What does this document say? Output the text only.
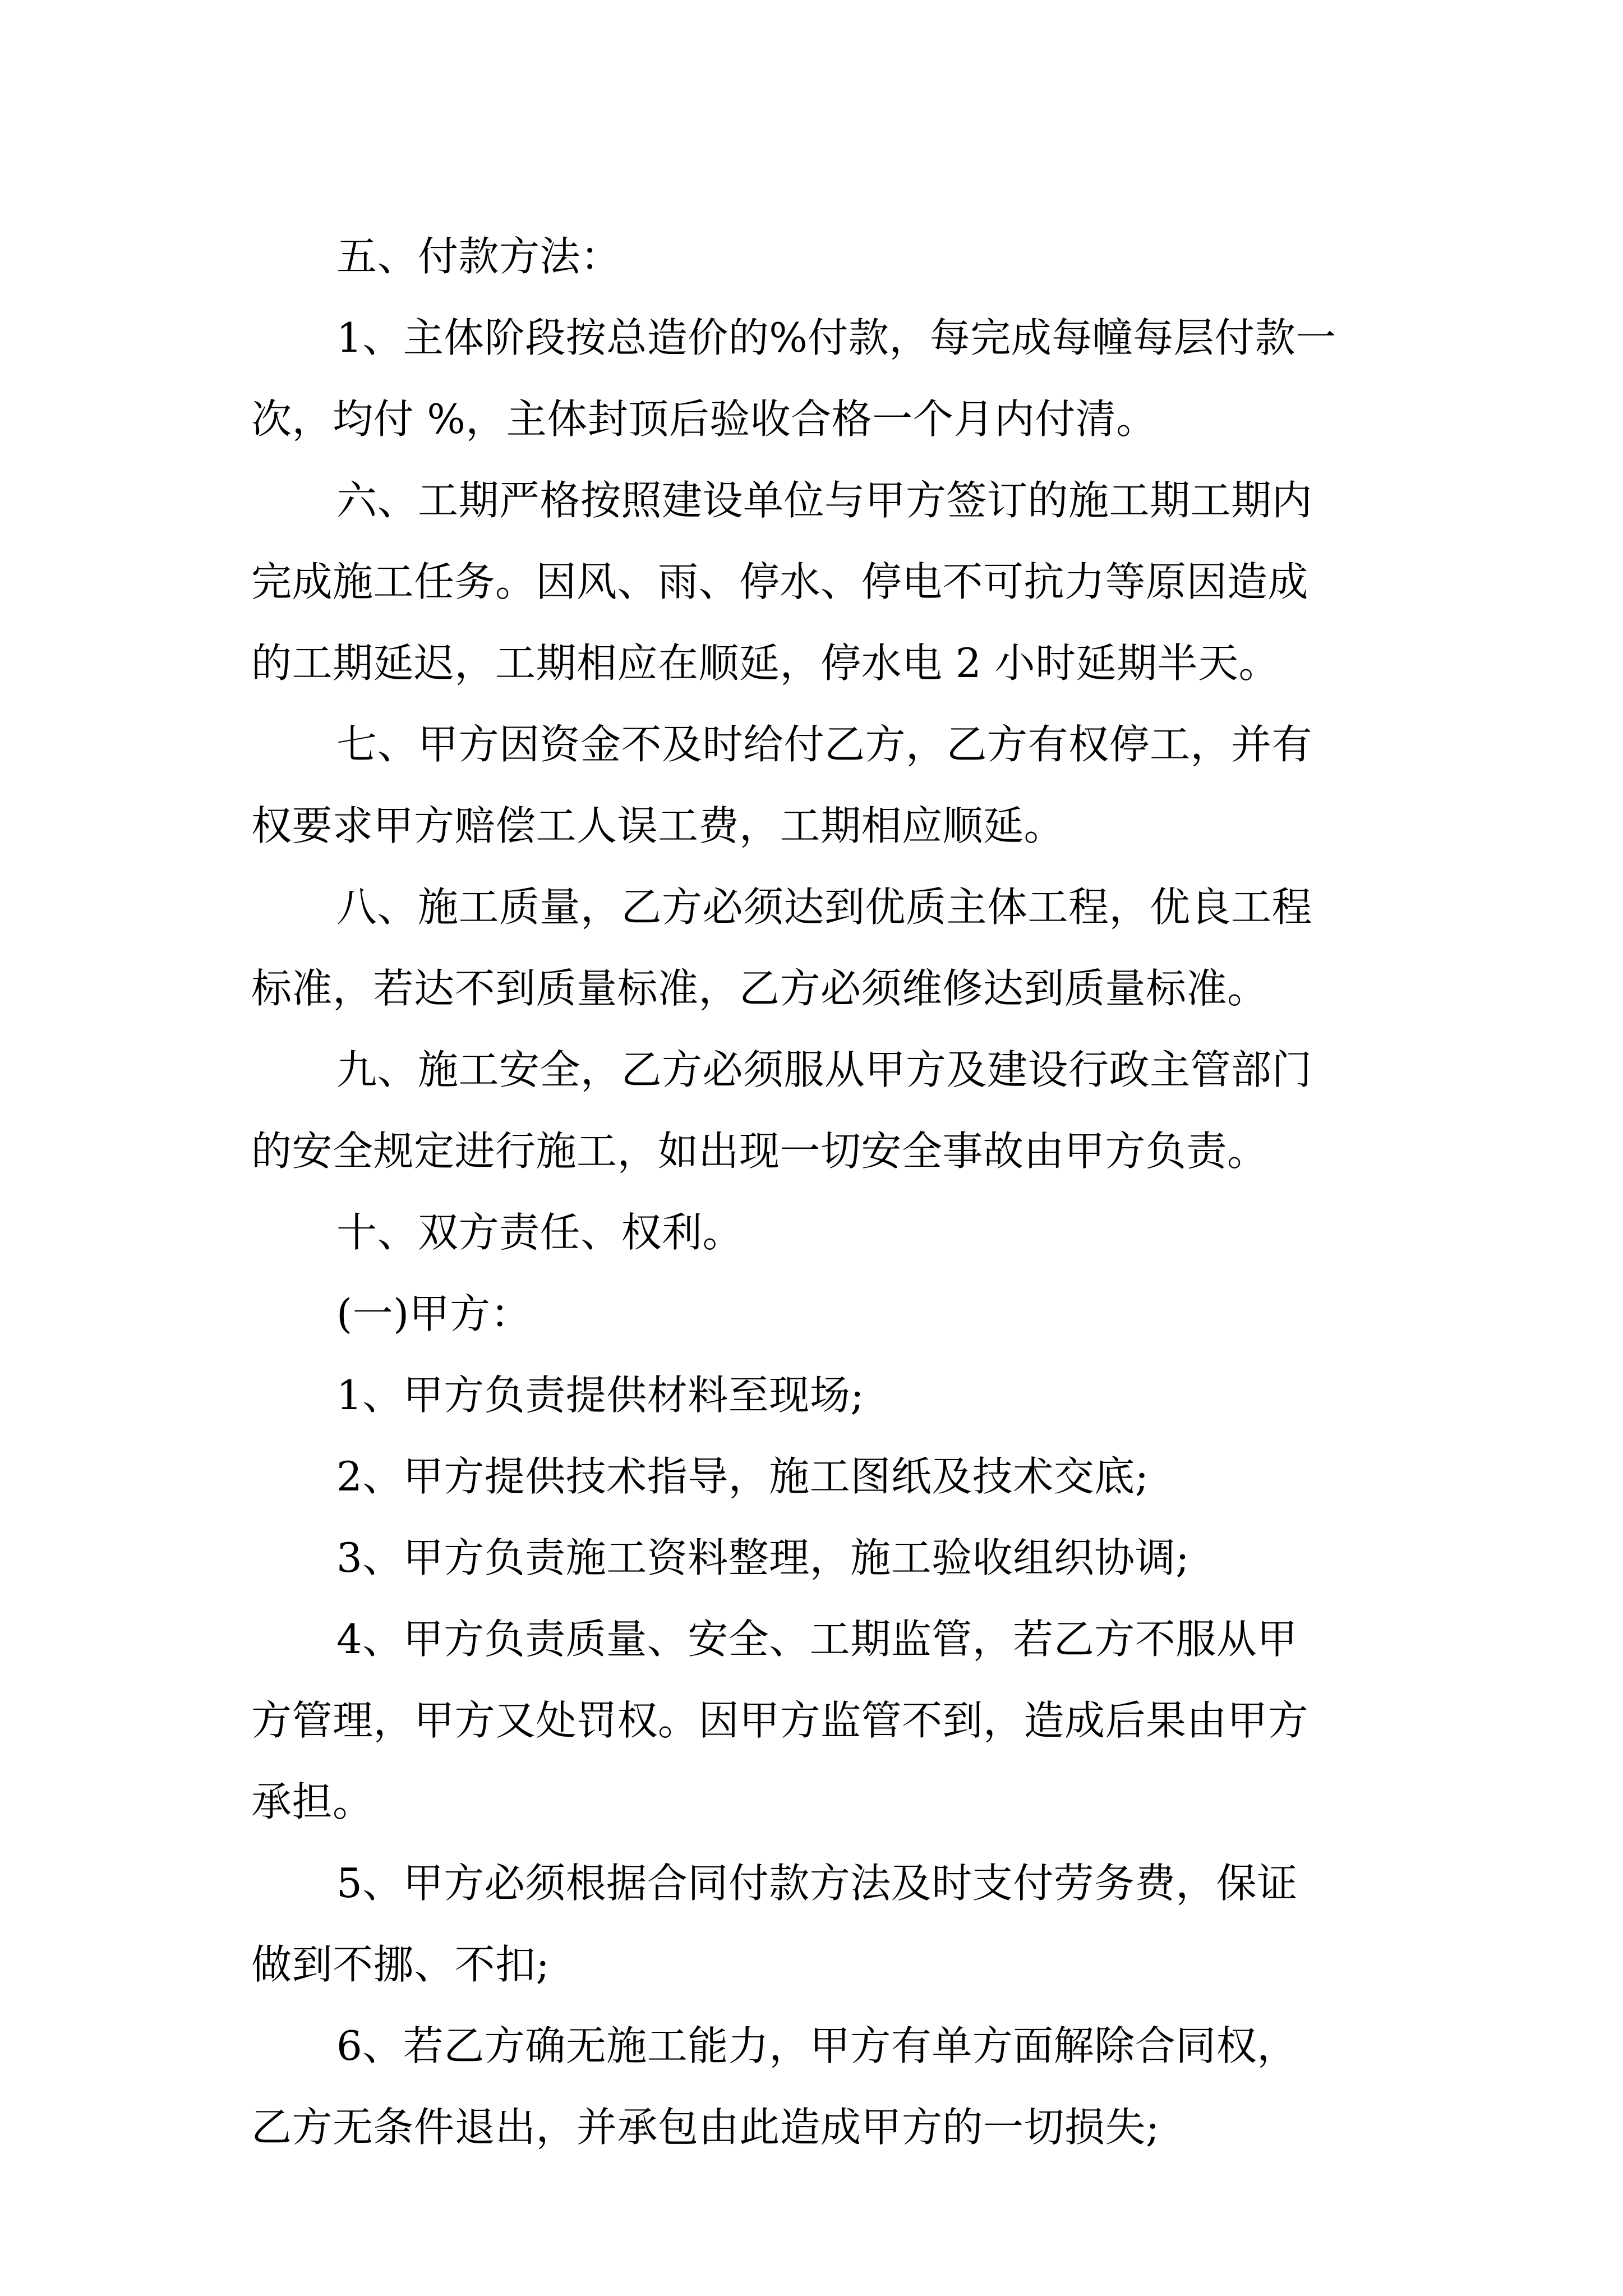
五、付款方法：

1、主体阶段按总造价的%付款，每完成每幢每层付款一

次，均付 %，主体封顶后验收合格一个月内付清。

六、工期严格按照建设单位与甲方签订的施工期工期内

完成施工任务。因风、雨、停水、停电不可抗力等原因造成

的工期延迟，工期相应在顺延，停水电 2 小时延期半天。

七、甲方因资金不及时给付乙方，乙方有权停工，并有

权要求甲方赔偿工人误工费，工期相应顺延。

八、施工质量，乙方必须达到优质主体工程，优良工程

标准，若达不到质量标准，乙方必须维修达到质量标准。

九、施工安全，乙方必须服从甲方及建设行政主管部门

的安全规定进行施工，如出现一切安全事故由甲方负责。

十、双方责任、权利。

(一)甲方：

1、甲方负责提供材料至现场;

2、甲方提供技术指导，施工图纸及技术交底;

3、甲方负责施工资料整理，施工验收组织协调;

4、甲方负责质量、安全、工期监管，若乙方不服从甲

方管理，甲方又处罚权。因甲方监管不到，造成后果由甲方

承担。

5、甲方必须根据合同付款方法及时支付劳务费，保证

做到不挪、不扣;

6、若乙方确无施工能力，甲方有单方面解除合同权，

乙方无条件退出，并承包由此造成甲方的一切损失;
